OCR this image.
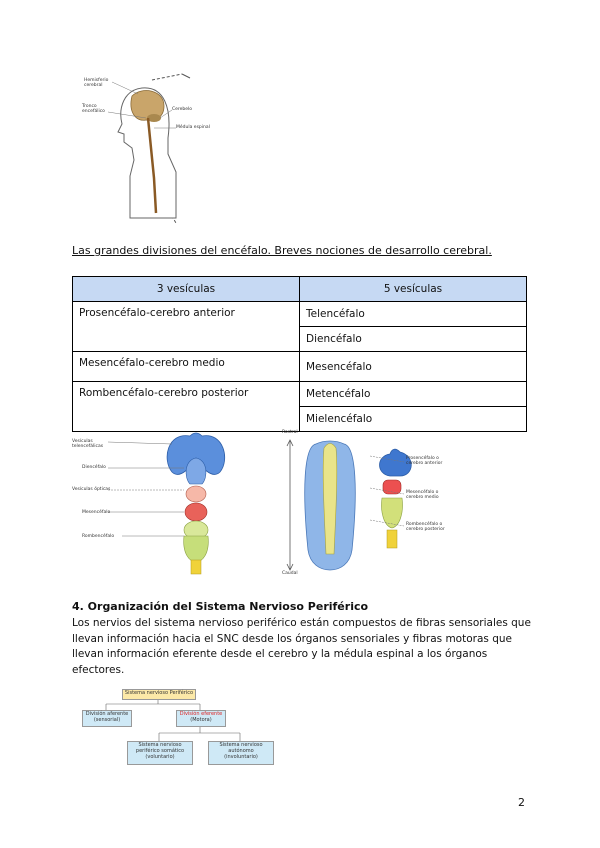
Hemisferio cerebral
Tronco encefálico	Cerebelo
Médula espinal
Las grandes divisiones del encéfalo. Breves nociones de desarrollo cerebral.
3 vesículas	5 vesículas
Prosencéfalo-cerebro anterior	Telencéfalo
	Diencéfalo
Mesencéfalo-cerebro medio	Mesencéfalo
Rombencéfalo-cerebro posterior	Metencéfalo
	Mielencéfalo
Vesículas telencefálicas
Diencéfalo
Vesículas ópticas
Mesencéfalo
Rombencéfalo
Rostral
Caudal
Prosencéfalo o cerebro anterior
Mesencéfalo o cerebro medio
Rombencéfalo o cerebro posterior
4. Organización del Sistema Nervioso Periférico
Los nervios del sistema nervioso periférico están compuestos de fibras sensoriales que llevan información hacia el SNC desde los órganos sensoriales y fibras motoras que llevan información eferente desde el cerebro y la médula espinal a los órganos efectores.
Sistema nervioso Periférico
División aferente
(sensorial)
División eferente
(Motora)
Sistema nervioso
periférico somático
(voluntario)
Sistema nervioso
autónomo
(involuntario)
2
